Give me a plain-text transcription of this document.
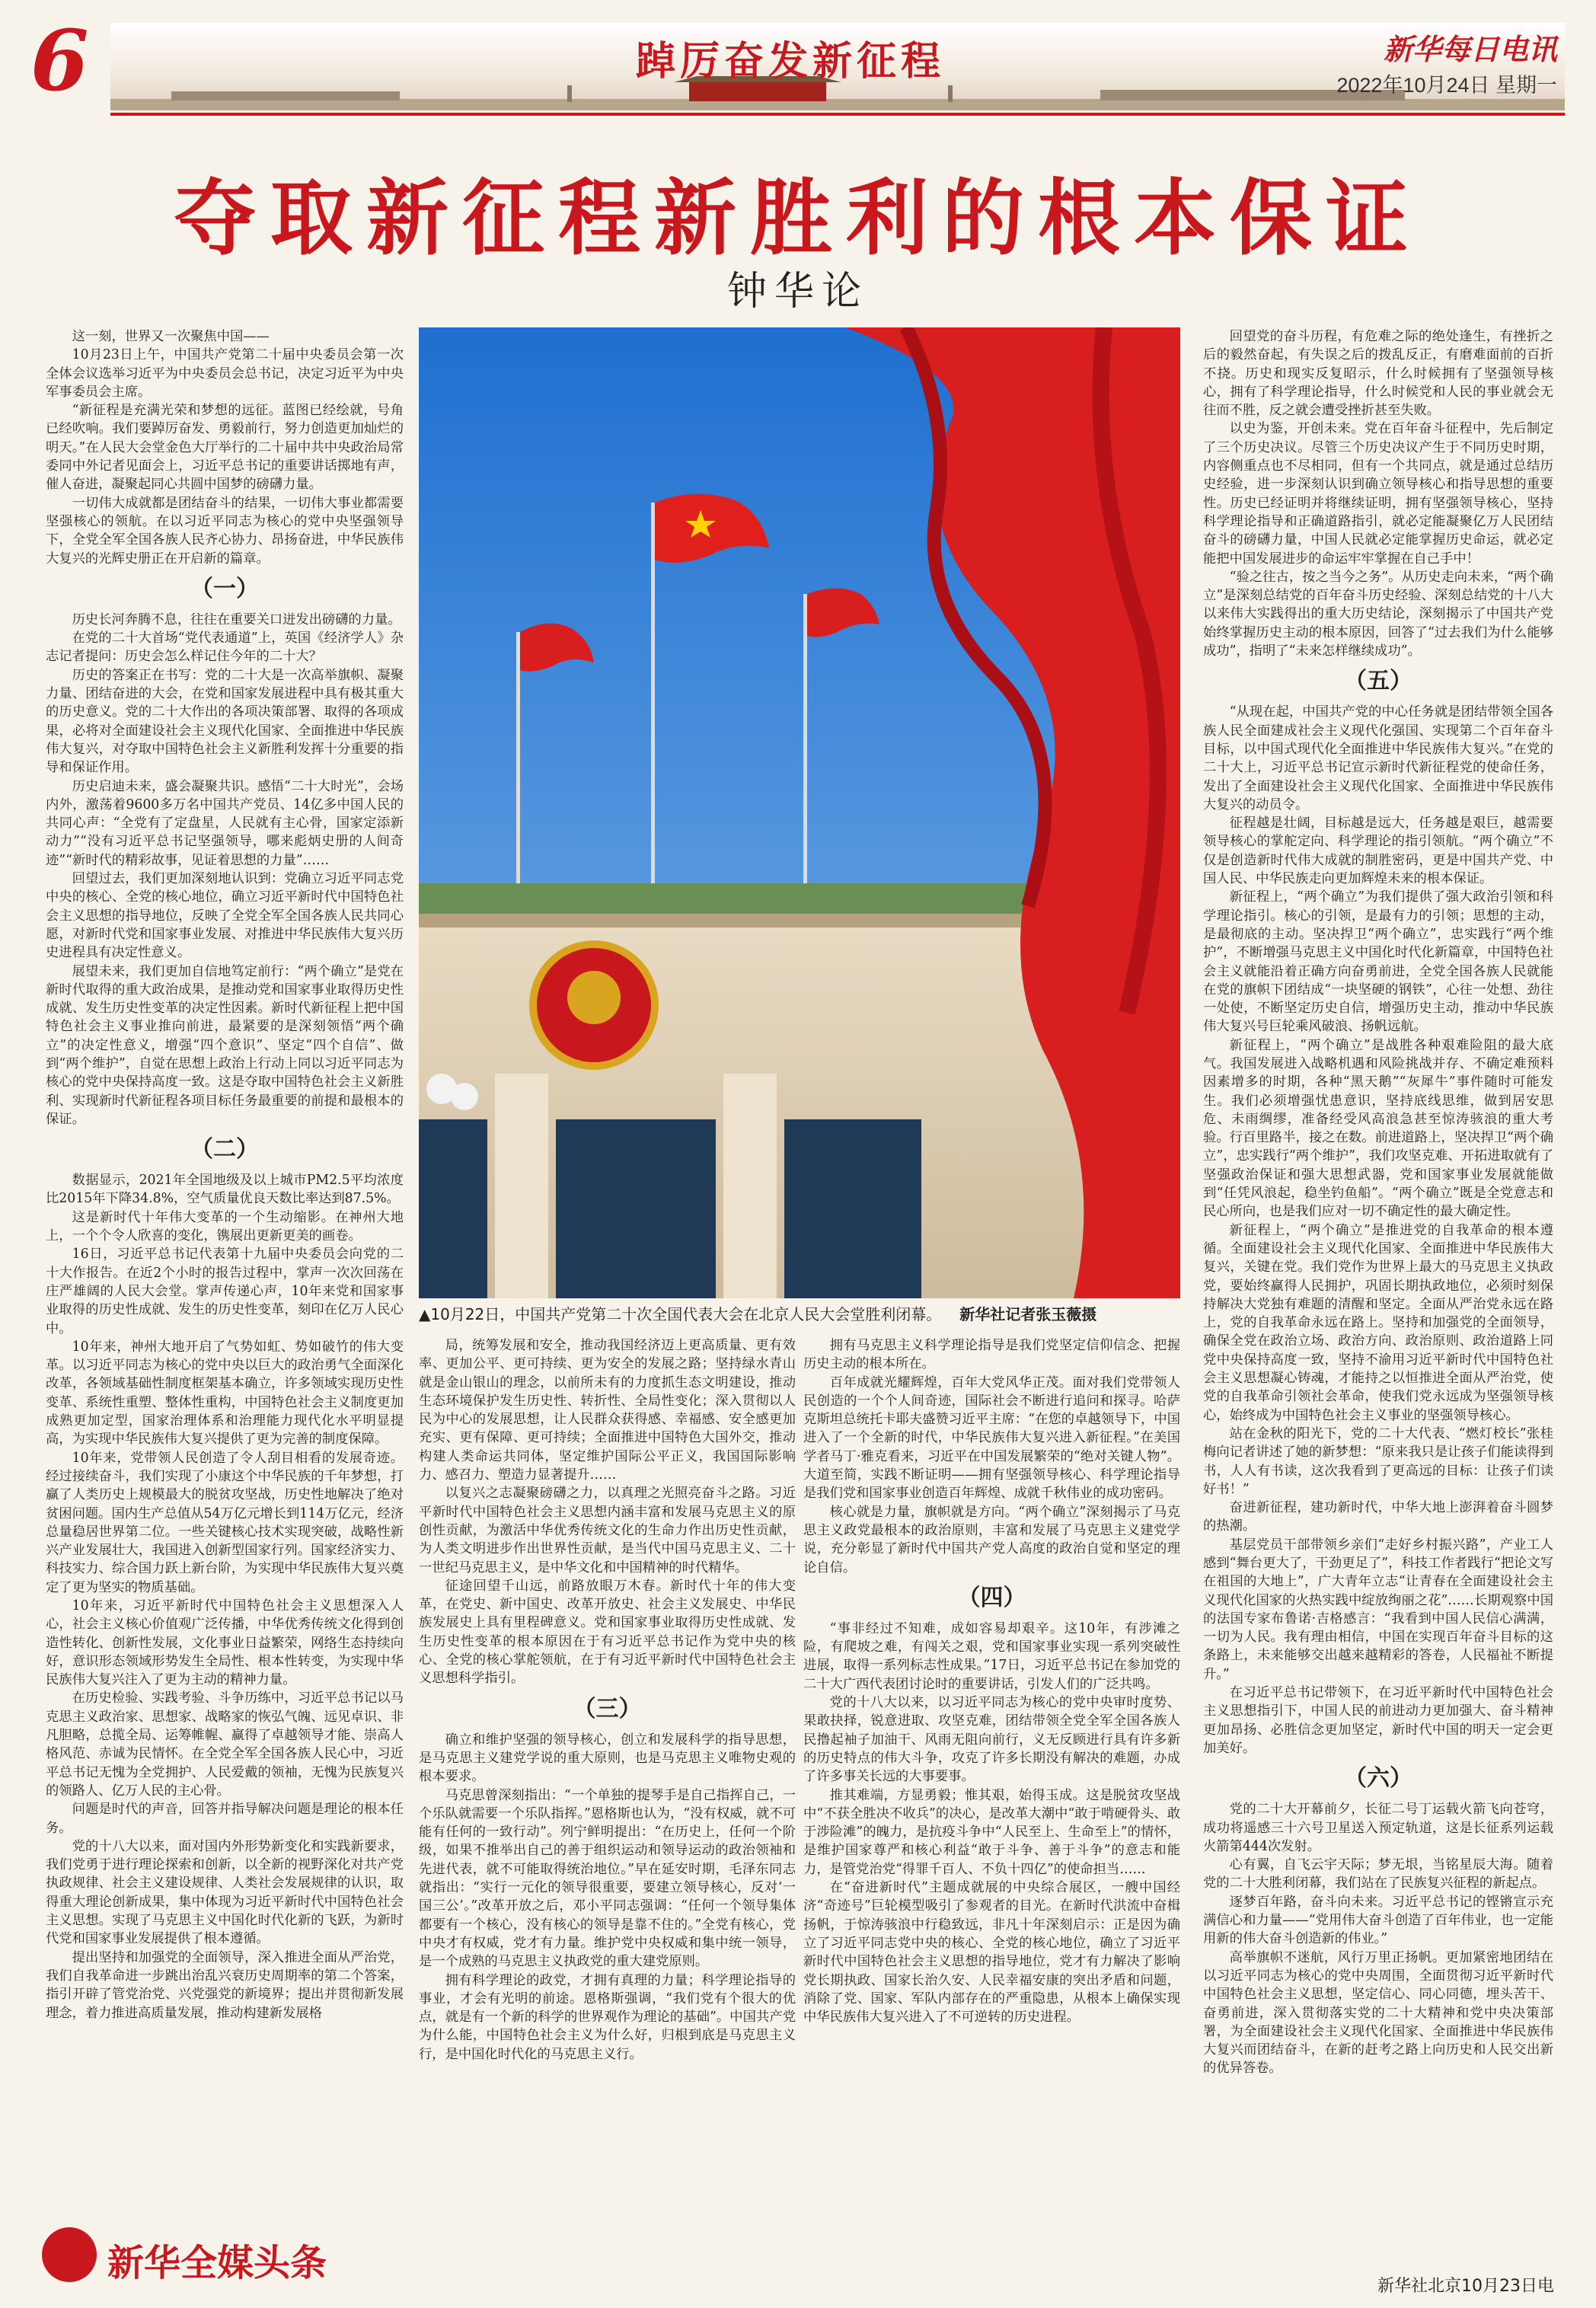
6	踔厉奋发新征程	新华每日电讯
2022年10月24日 星期一
夺取新征程新胜利的根本保证
钟华论

这一刻，世界又一次聚焦中国——

10月23日上午，中国共产党第二十届中央委员会第一次全体会议选举习近平为中央委员会总书记，决定习近平为中央军事委员会主席。

“新征程是充满光荣和梦想的远征。蓝图已经绘就，号角已经吹响。我们要踔厉奋发、勇毅前行，努力创造更加灿烂的明天。”在人民大会堂金色大厅举行的二十届中共中央政治局常委同中外记者见面会上，习近平总书记的重要讲话掷地有声，催人奋进，凝聚起同心共圆中国梦的磅礴力量。

一切伟大成就都是团结奋斗的结果，一切伟大事业都需要坚强核心的领航。在以习近平同志为核心的党中央坚强领导下，全党全军全国各族人民齐心协力、昂扬奋进，中华民族伟大复兴的光辉史册正在开启新的篇章。

（一）

历史长河奔腾不息，往往在重要关口迸发出磅礴的力量。

在党的二十大首场“党代表通道”上，英国《经济学人》杂志记者提问：历史会怎么样记住今年的二十大？

历史的答案正在书写：党的二十大是一次高举旗帜、凝聚力量、团结奋进的大会，在党和国家发展进程中具有极其重大的历史意义。党的二十大作出的各项决策部署、取得的各项成果，必将对全面建设社会主义现代化国家、全面推进中华民族伟大复兴，对夺取中国特色社会主义新胜利发挥十分重要的指导和保证作用。

历史启迪未来，盛会凝聚共识。感悟“二十大时光”，会场内外，激荡着9600多万名中国共产党员、14亿多中国人民的共同心声：“全党有了定盘星，人民就有主心骨，国家定添新动力”“没有习近平总书记坚强领导，哪来彪炳史册的人间奇迹”“新时代的精彩故事，见证着思想的力量”……

回望过去，我们更加深刻地认识到：党确立习近平同志党中央的核心、全党的核心地位，确立习近平新时代中国特色社会主义思想的指导地位，反映了全党全军全国各族人民共同心愿，对新时代党和国家事业发展、对推进中华民族伟大复兴历史进程具有决定性意义。

展望未来，我们更加自信地笃定前行：“两个确立”是党在新时代取得的重大政治成果，是推动党和国家事业取得历史性成就、发生历史性变革的决定性因素。新时代新征程上把中国特色社会主义事业推向前进，最紧要的是深刻领悟“两个确立”的决定性意义，增强“四个意识”、坚定“四个自信”、做到“两个维护”，自觉在思想上政治上行动上同以习近平同志为核心的党中央保持高度一致。这是夺取中国特色社会主义新胜利、实现新时代新征程各项目标任务最重要的前提和最根本的保证。

（二）

数据显示，2021年全国地级及以上城市PM2.5平均浓度比2015年下降34.8%，空气质量优良天数比率达到87.5%。

这是新时代十年伟大变革的一个生动缩影。在神州大地上，一个个令人欣喜的变化，镌展出更新更美的画卷。

16日，习近平总书记代表第十九届中央委员会向党的二十大作报告。在近2个小时的报告过程中，掌声一次次回荡在庄严雄阔的人民大会堂。掌声传递心声，10年来党和国家事业取得的历史性成就、发生的历史性变革，刻印在亿万人民心中。

10年来，神州大地开启了气势如虹、势如破竹的伟大变革。以习近平同志为核心的党中央以巨大的政治勇气全面深化改革，各领域基础性制度框架基本确立，许多领域实现历史性变革、系统性重塑、整体性重构，中国特色社会主义制度更加成熟更加定型，国家治理体系和治理能力现代化水平明显提高，为实现中华民族伟大复兴提供了更为完善的制度保障。

10年来，党带领人民创造了令人刮目相看的发展奇迹。经过接续奋斗，我们实现了小康这个中华民族的千年梦想，打赢了人类历史上规模最大的脱贫攻坚战，历史性地解决了绝对贫困问题。国内生产总值从54万亿元增长到114万亿元，经济总量稳居世界第二位。一些关键核心技术实现突破，战略性新兴产业发展壮大，我国进入创新型国家行列。国家经济实力、科技实力、综合国力跃上新台阶，为实现中华民族伟大复兴奠定了更为坚实的物质基础。

10年来，习近平新时代中国特色社会主义思想深入人心，社会主义核心价值观广泛传播，中华优秀传统文化得到创造性转化、创新性发展，文化事业日益繁荣，网络生态持续向好，意识形态领域形势发生全局性、根本性转变，为实现中华民族伟大复兴注入了更为主动的精神力量。

在历史检验、实践考验、斗争历练中，习近平总书记以马克思主义政治家、思想家、战略家的恢弘气魄、远见卓识、非凡胆略，总揽全局、运筹帷幄、赢得了卓越领导才能、崇高人格风范、赤诚为民情怀。在全党全军全国各族人民心中，习近平总书记无愧为全党拥护、人民爱戴的领袖，无愧为民族复兴的领路人、亿万人民的主心骨。

问题是时代的声音，回答并指导解决问题是理论的根本任务。

党的十八大以来，面对国内外形势新变化和实践新要求，我们党勇于进行理论探索和创新，以全新的视野深化对共产党执政规律、社会主义建设规律、人类社会发展规律的认识，取得重大理论创新成果，集中体现为习近平新时代中国特色社会主义思想。实现了马克思主义中国化时代化新的飞跃，为新时代党和国家事业发展提供了根本遵循。

提出坚持和加强党的全面领导，深入推进全面从严治党，我们自我革命进一步跳出治乱兴衰历史周期率的第二个答案，指引开辟了管党治党、兴党强党的新境界；提出并贯彻新发展理念，着力推进高质量发展，推动构建新发展格

▲10月22日，中国共产党第二十次全国代表大会在北京人民大会堂胜利闭幕。 新华社记者张玉薇摄

局，统筹发展和安全，推动我国经济迈上更高质量、更有效率、更加公平、更可持续、更为安全的发展之路；坚持绿水青山就是金山银山的理念，以前所未有的力度抓生态文明建设，推动生态环境保护发生历史性、转折性、全局性变化；深入贯彻以人民为中心的发展思想，让人民群众获得感、幸福感、安全感更加充实、更有保障、更可持续；全面推进中国特色大国外交，推动构建人类命运共同体，坚定维护国际公平正义，我国国际影响力、感召力、塑造力显著提升……

以复兴之志凝聚磅礴之力，以真理之光照亮奋斗之路。习近平新时代中国特色社会主义思想内涵丰富和发展马克思主义的原创性贡献，为激活中华优秀传统文化的生命力作出历史性贡献，为人类文明进步作出世界性贡献，是当代中国马克思主义、二十一世纪马克思主义，是中华文化和中国精神的时代精华。

征途回望千山远，前路放眼万木春。新时代十年的伟大变革，在党史、新中国史、改革开放史、社会主义发展史、中华民族发展史上具有里程碑意义。党和国家事业取得历史性成就、发生历史性变革的根本原因在于有习近平总书记作为党中央的核心、全党的核心掌舵领航，在于有习近平新时代中国特色社会主义思想科学指引。

（三）

确立和维护坚强的领导核心，创立和发展科学的指导思想，是马克思主义建党学说的重大原则，也是马克思主义唯物史观的根本要求。

马克思曾深刻指出：“一个单独的提琴手是自己指挥自己，一个乐队就需要一个乐队指挥。”恩格斯也认为，“没有权威，就不可能有任何的一致行动”。列宁鲜明提出：“在历史上，任何一个阶级，如果不推举出自己的善于组织运动和领导运动的政治领袖和先进代表，就不可能取得统治地位。”早在延安时期，毛泽东同志就指出：“实行一元化的领导很重要，要建立领导核心，反对‘一国三公’。”改革开放之后，邓小平同志强调：“任何一个领导集体都要有一个核心，没有核心的领导是靠不住的。”全党有核心，党中央才有权威，党才有力量。维护党中央权威和集中统一领导，是一个成熟的马克思主义执政党的重大建党原则。

拥有科学理论的政党，才拥有真理的力量；科学理论指导的事业，才会有光明的前途。恩格斯强调，“我们党有个很大的优点，就是有一个新的科学的世界观作为理论的基础”。中国共产党为什么能，中国特色社会主义为什么好，归根到底是马克思主义行，是中国化时代化的马克思主义行。

拥有马克思主义科学理论指导是我们党坚定信仰信念、把握历史主动的根本所在。

百年成就光耀辉煌，百年大党风华正茂。面对我们党带领人民创造的一个个人间奇迹，国际社会不断进行追问和探寻。哈萨克斯坦总统托卡耶夫盛赞习近平主席：“在您的卓越领导下，中国进入了一个全新的时代，中华民族伟大复兴进入新征程。”在美国学者马丁·雅克看来，习近平在中国发展繁荣的“绝对关键人物”。大道至简，实践不断证明——拥有坚强领导核心、科学理论指导是我们党和国家事业创造百年辉煌、成就千秋伟业的成功密码。

核心就是力量，旗帜就是方向。“两个确立”深刻揭示了马克思主义政党最根本的政治原则，丰富和发展了马克思主义建党学说，充分彰显了新时代中国共产党人高度的政治自觉和坚定的理论自信。

（四）

“事非经过不知难，成如容易却艰辛。这10年，有涉滩之险，有爬坡之难，有闯关之艰，党和国家事业实现一系列突破性进展，取得一系列标志性成果。”17日，习近平总书记在参加党的二十大广西代表团讨论时的重要讲话，引发人们的广泛共鸣。

党的十八大以来，以习近平同志为核心的党中央审时度势、果敢抉择，锐意进取、攻坚克难，团结带领全党全军全国各族人民撸起袖子加油干、风雨无阻向前行，义无反顾进行具有许多新的历史特点的伟大斗争，攻克了许多长期没有解决的难题，办成了许多事关长远的大事要事。

推其难端，方显勇毅；惟其艰，始得玉成。这是脱贫攻坚战中“不获全胜决不收兵”的决心，是改革大潮中“敢于啃硬骨头、敢于涉险滩”的魄力，是抗疫斗争中“人民至上、生命至上”的情怀，是维护国家尊严和核心利益“敢于斗争、善于斗争”的意志和能力，是管党治党“得罪千百人、不负十四亿”的使命担当……

在“奋进新时代”主题成就展的中央综合展区，一艘中国经济“奇迹号”巨轮模型吸引了参观者的目光。在新时代洪流中奋楫扬帆，于惊涛骇浪中行稳致远，非凡十年深刻启示：正是因为确立了习近平同志党中央的核心、全党的核心地位，确立了习近平新时代中国特色社会主义思想的指导地位，党才有力解决了影响党长期执政、国家长治久安、人民幸福安康的突出矛盾和问题，消除了党、国家、军队内部存在的严重隐患，从根本上确保实现中华民族伟大复兴进入了不可逆转的历史进程。

回望党的奋斗历程，有危难之际的绝处逢生，有挫折之后的毅然奋起，有失误之后的拨乱反正，有磨难面前的百折不挠。历史和现实反复昭示，什么时候拥有了坚强领导核心，拥有了科学理论指导，什么时候党和人民的事业就会无往而不胜，反之就会遭受挫折甚至失败。

以史为鉴，开创未来。党在百年奋斗征程中，先后制定了三个历史决议。尽管三个历史决议产生于不同历史时期，内容侧重点也不尽相同，但有一个共同点，就是通过总结历史经验，进一步深刻认识到确立领导核心和指导思想的重要性。历史已经证明并将继续证明，拥有坚强领导核心，坚持科学理论指导和正确道路指引，就必定能凝聚亿万人民团结奋斗的磅礴力量，中国人民就必定能掌握历史命运，就必定能把中国发展进步的命运牢牢掌握在自己手中！

“验之往古，按之当今之务”。从历史走向未来，“两个确立”是深刻总结党的百年奋斗历史经验、深刻总结党的十八大以来伟大实践得出的重大历史结论，深刻揭示了中国共产党始终掌握历史主动的根本原因，回答了“过去我们为什么能够成功”，指明了“未来怎样继续成功”。

（五）

“从现在起，中国共产党的中心任务就是团结带领全国各族人民全面建成社会主义现代化强国、实现第二个百年奋斗目标，以中国式现代化全面推进中华民族伟大复兴。”在党的二十大上，习近平总书记宣示新时代新征程党的使命任务，发出了全面建设社会主义现代化国家、全面推进中华民族伟大复兴的动员令。

征程越是壮阔，目标越是远大，任务越是艰巨，越需要领导核心的掌舵定向、科学理论的指引领航。“两个确立”不仅是创造新时代伟大成就的制胜密码，更是中国共产党、中国人民、中华民族走向更加辉煌未来的根本保证。

新征程上，“两个确立”为我们提供了强大政治引领和科学理论指引。核心的引领，是最有力的引领；思想的主动，是最彻底的主动。坚决捍卫“两个确立”，忠实践行“两个维护”，不断增强马克思主义中国化时代化新篇章，中国特色社会主义就能沿着正确方向奋勇前进，全党全国各族人民就能在党的旗帜下团结成“一块坚硬的钢铁”，心往一处想、劲往一处使，不断坚定历史自信，增强历史主动，推动中华民族伟大复兴号巨轮乘风破浪、扬帆远航。

新征程上，“两个确立”是战胜各种艰难险阻的最大底气。我国发展进入战略机遇和风险挑战并存、不确定难预料因素增多的时期，各种“黑天鹅”“灰犀牛”事件随时可能发生。我们必须增强忧患意识，坚持底线思维，做到居安思危、未雨绸缪，准备经受风高浪急甚至惊涛骇浪的重大考验。行百里路半，接之在数。前进道路上，坚决捍卫“两个确立”，忠实践行“两个维护”，我们攻坚克难、开拓进取就有了坚强政治保证和强大思想武器，党和国家事业发展就能做到“任凭风浪起，稳坐钓鱼船”。“两个确立”既是全党意志和民心所向，也是我们应对一切不确定性的最大确定性。

新征程上，“两个确立”是推进党的自我革命的根本遵循。全面建设社会主义现代化国家、全面推进中华民族伟大复兴，关键在党。我们党作为世界上最大的马克思主义执政党，要始终赢得人民拥护，巩固长期执政地位，必须时刻保持解决大党独有难题的清醒和坚定。全面从严治党永远在路上，党的自我革命永远在路上。坚持和加强党的全面领导，确保全党在政治立场、政治方向、政治原则、政治道路上同党中央保持高度一致，坚持不渝用习近平新时代中国特色社会主义思想凝心铸魂，才能持之以恒推进全面从严治党，使党的自我革命引领社会革命，使我们党永远成为坚强领导核心，始终成为中国特色社会主义事业的坚强领导核心。

站在金秋的阳光下，党的二十大代表、“燃灯校长”张桂梅向记者讲述了她的新梦想：“原来我只是让孩子们能读得到书，人人有书读，这次我看到了更高远的目标：让孩子们读好书！”

奋进新征程，建功新时代，中华大地上澎湃着奋斗圆梦的热潮。

基层党员干部带领乡亲们“走好乡村振兴路”，产业工人感到“舞台更大了，干劲更足了”，科技工作者践行“把论文写在祖国的大地上”，广大青年立志“让青春在全面建设社会主义现代化国家的火热实践中绽放绚丽之花”……长期观察中国的法国专家布鲁诺·吉格感言：“我看到中国人民信心满满，一切为人民。我有理由相信，中国在实现百年奋斗目标的这条路上，未来能够交出越来越精彩的答卷，人民福祉不断提升。”

在习近平总书记带领下，在习近平新时代中国特色社会主义思想指引下，中国人民的前进动力更加强大、奋斗精神更加昂扬、必胜信念更加坚定，新时代中国的明天一定会更加美好。

（六）

党的二十大开幕前夕，长征二号丁运载火箭飞向苍穹，成功将遥感三十六号卫星送入预定轨道，这是长征系列运载火箭第444次发射。

心有翼，自飞云宇天际；梦无垠，当铭星辰大海。随着党的二十大胜利闭幕，我们站在了民族复兴征程的新起点。

逐梦百年路，奋斗向未来。习近平总书记的铿锵宣示充满信心和力量——“党用伟大奋斗创造了百年伟业，也一定能用新的伟大奋斗创造新的伟业。”

高举旗帜不迷航，风行万里正扬帆。更加紧密地团结在以习近平同志为核心的党中央周围，全面贯彻习近平新时代中国特色社会主义思想，坚定信心、同心同德，埋头苦干、奋勇前进，深入贯彻落实党的二十大精神和党中央决策部署，为全面建设社会主义现代化国家、全面推进中华民族伟大复兴而团结奋斗，在新的赶考之路上向历史和人民交出新的优异答卷。

新华全媒头条
新华社北京10月23日电
